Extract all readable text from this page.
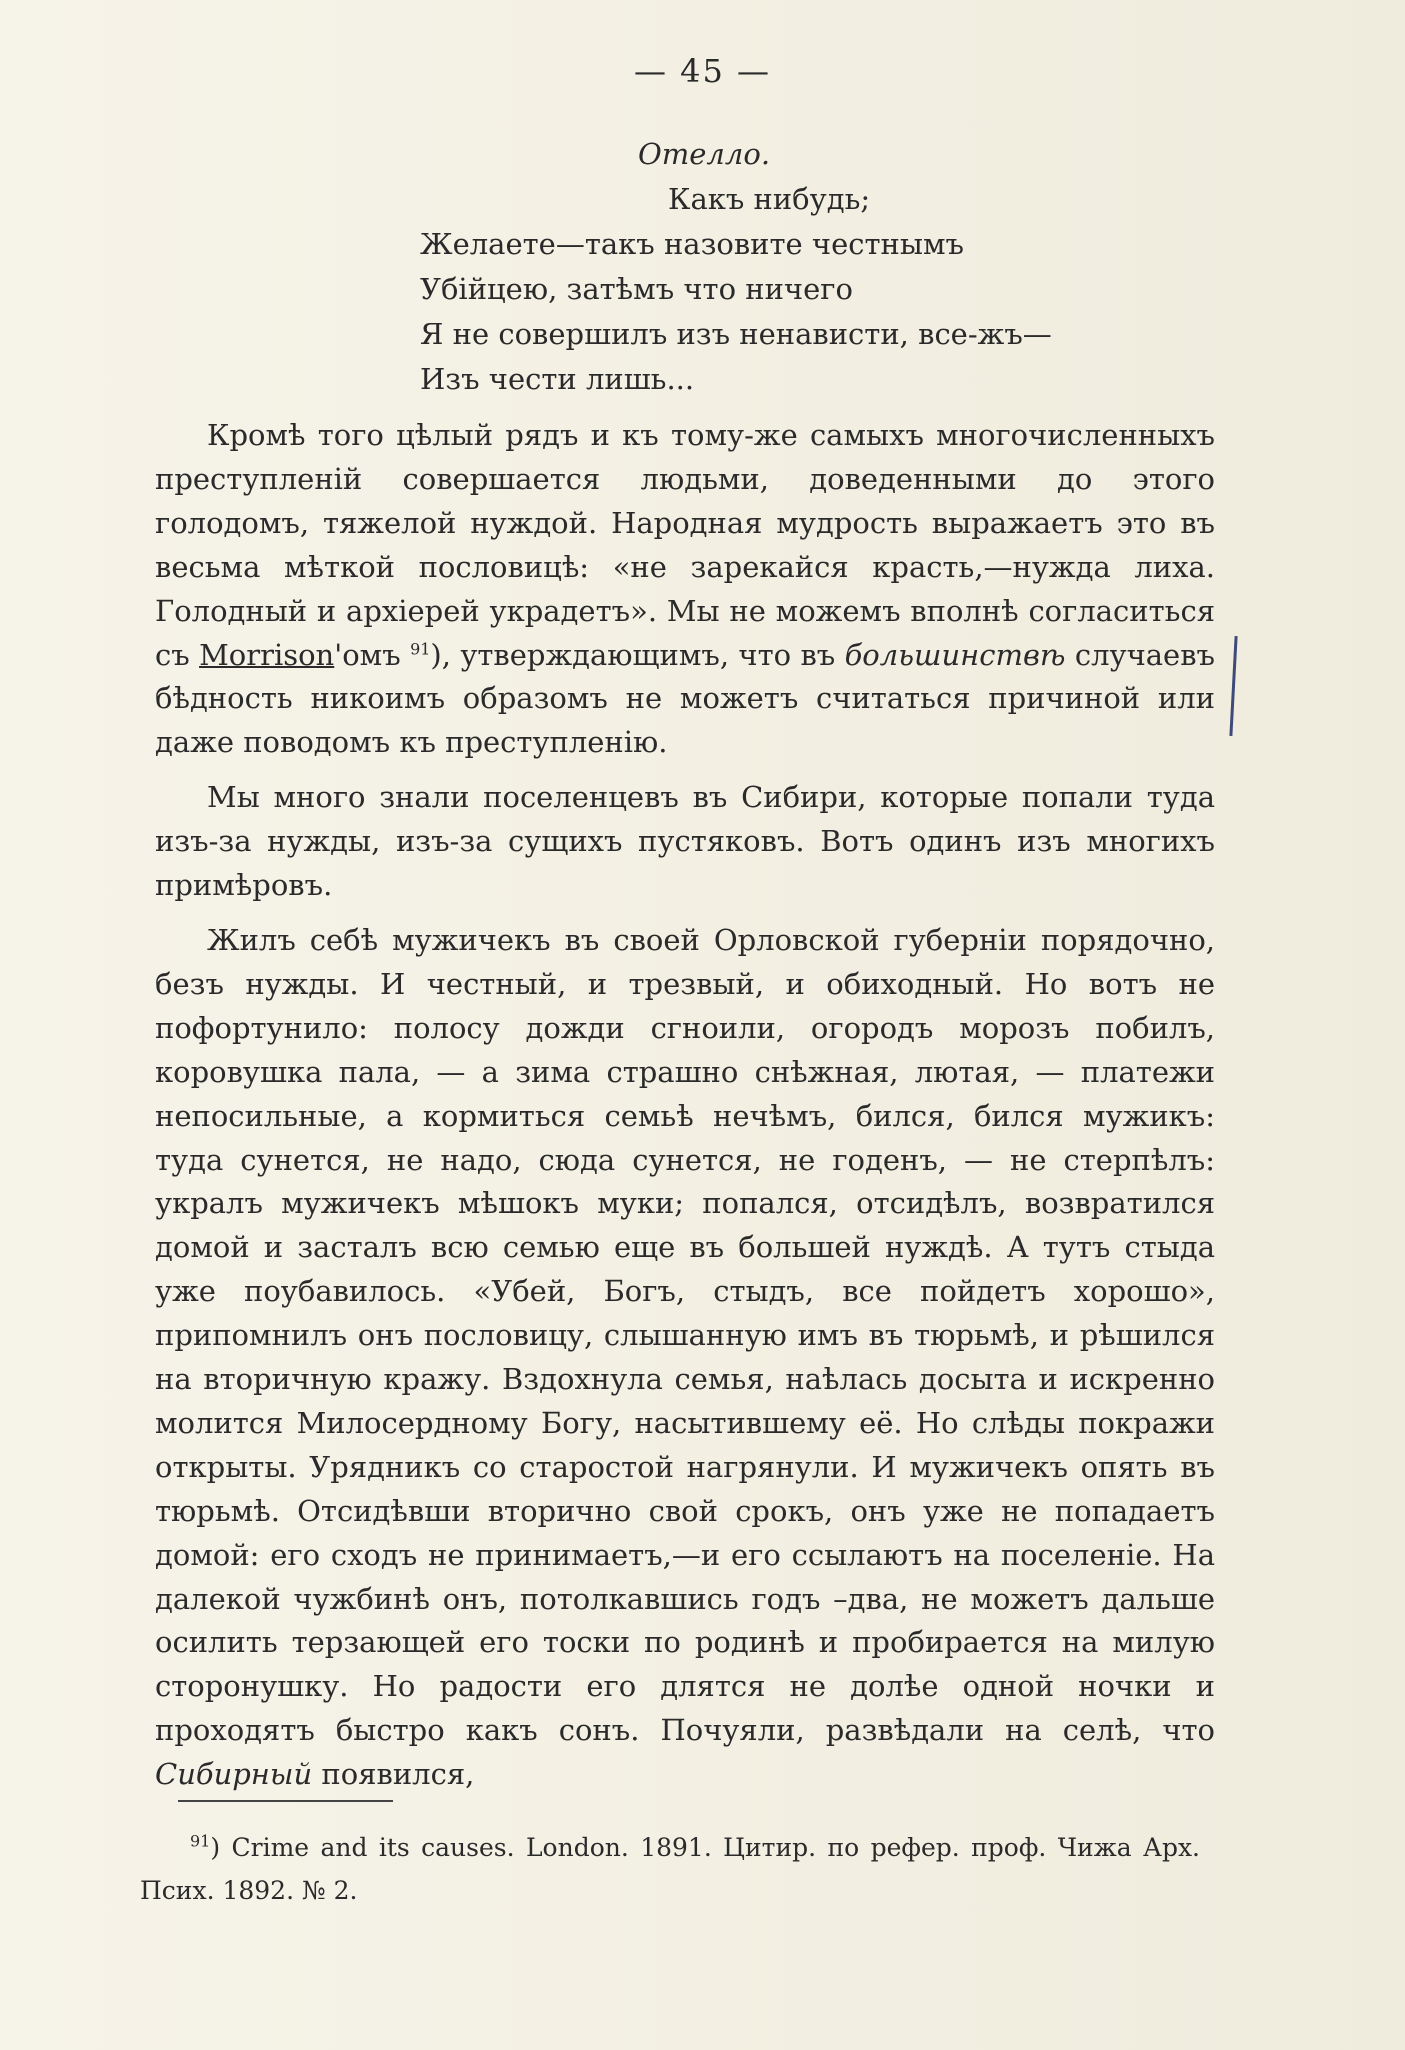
— 45 —
Отелло.
Какъ нибудь;
Желаете—такъ назовите честнымъ
Убійцею, затѣмъ что ничего
Я не совершилъ изъ ненависти, все-жъ—
Изъ чести лишь...

Кромѣ того цѣлый рядъ и къ тому-же самыхъ многочисленныхъ преступленій совершается людьми, доведенными до этого голодомъ, тяжелой нуждой. Народная мудрость выражаетъ это въ весьма мѣткой пословицѣ: «не зарекайся красть,—нужда лиха. Голодный и архіерей украдетъ». Мы не можемъ вполнѣ согласиться съ Morrison'омъ $^{91}$), утверждающимъ, что въ большинствѣ случаевъ бѣдность никоимъ образомъ не можетъ считаться причиной или даже поводомъ къ преступленію.

Мы много знали поселенцевъ въ Сибири, которые попали туда изъ-за нужды, изъ-за сущихъ пустяковъ. Вотъ одинъ изъ многихъ примѣровъ.

Жилъ себѣ мужичекъ въ своей Орловской губерніи порядочно, безъ нужды. И честный, и трезвый, и обиходный. Но вотъ не пофортунило: полосу дожди сгноили, огородъ морозъ побилъ, коровушка пала, — а зима страшно снѣжная, лютая, — платежи непосильные, а кормиться семьѣ нечѣмъ, бился, бился мужикъ: туда сунется, не надо, сюда сунется, не годенъ, — не стерпѣлъ: укралъ мужичекъ мѣшокъ муки; попался, отсидѣлъ, возвратился домой и засталъ всю семью еще въ большей нуждѣ. А тутъ стыда уже поубавилось. «Убей, Богъ, стыдъ, все пойдетъ хорошо», припомнилъ онъ пословицу, слышанную имъ въ тюрьмѣ, и рѣшился на вторичную кражу. Вздохнула семья, наѣлась досыта и искренно молится Милосердному Богу, насытившему её. Но слѣды покражи открыты. Урядникъ со старостой нагрянули. И мужичекъ опять въ тюрьмѣ. Отсидѣвши вторично свой срокъ, онъ уже не попадаетъ домой: его сходъ не принимаетъ,—и его ссылаютъ на поселеніе. На далекой чужбинѣ онъ, потолкавшись годъ –два, не можетъ дальше осилить терзающей его тоски по родинѣ и пробирается на милую сторонушку. Но радости его длятся не долѣе одной ночки и проходятъ быстро какъ сонъ. Почуяли, развѣдали на селѣ, что Сибирный появился,

$^{91}$) Crime and its causes. London. 1891. Цитир. по рефер. проф. Чижа Арх. Псих. 1892. № 2.
